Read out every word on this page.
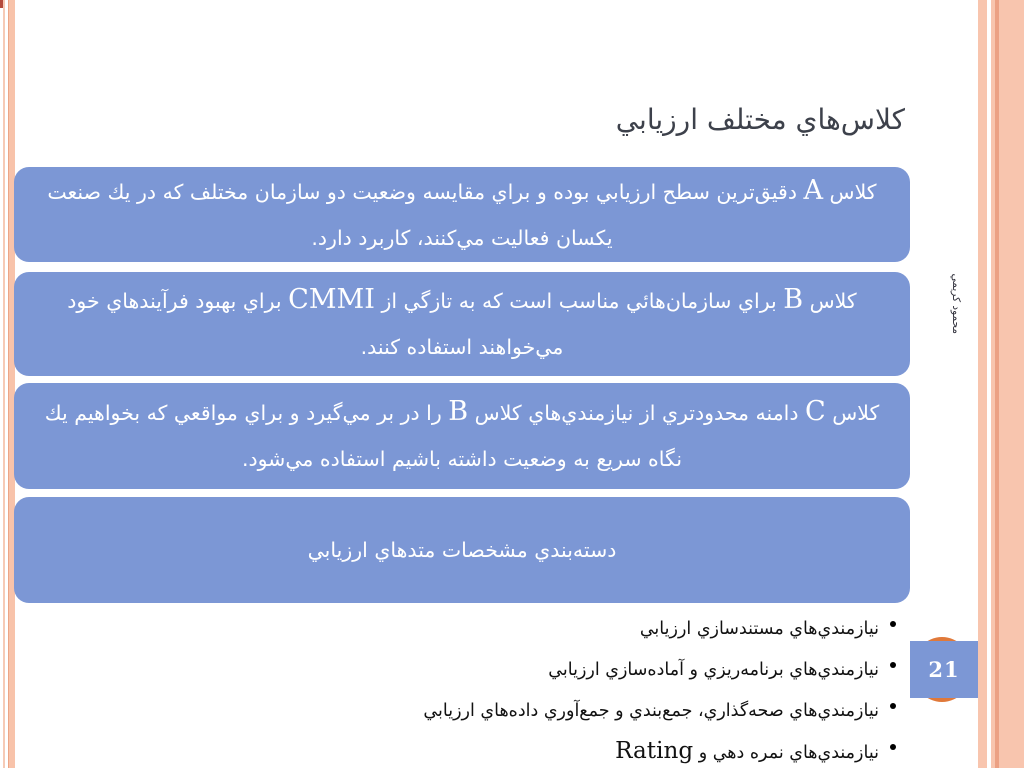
كلاس‌هاي مختلف ارزيابي
كلاس A دقيق‌ترين سطح ارزيابي بوده و براي مقايسه وضعيت دو سازمان مختلف كه در يك صنعت يكسان فعاليت مي‌كنند، كاربرد دارد.
كلاس B براي سازمان‌هائي مناسب است كه به تازگي از CMMI براي بهبود فرآيندهاي خود مي‌خواهند استفاده كنند.
كلاس C دامنه محدودتري از نيازمندي‌هاي كلاس B را در بر مي‌گيرد و براي مواقعي كه بخواهيم يك نگاه سريع به وضعيت داشته باشيم استفاده مي‌شود.
دسته‌بندي مشخصات متدهاي ارزيابي
نيازمندي‌هاي مستندسازي ارزيابي
نيازمندي‌هاي برنامه‌ريزي و آماده‌سازي ارزيابي
نيازمندي‌هاي صحه‌گذاري، جمع‌بندي و جمع‌آوري داده‌هاي ارزيابي
نيازمندي‌هاي نمره دهي و Rating
21
محمود كريمي
